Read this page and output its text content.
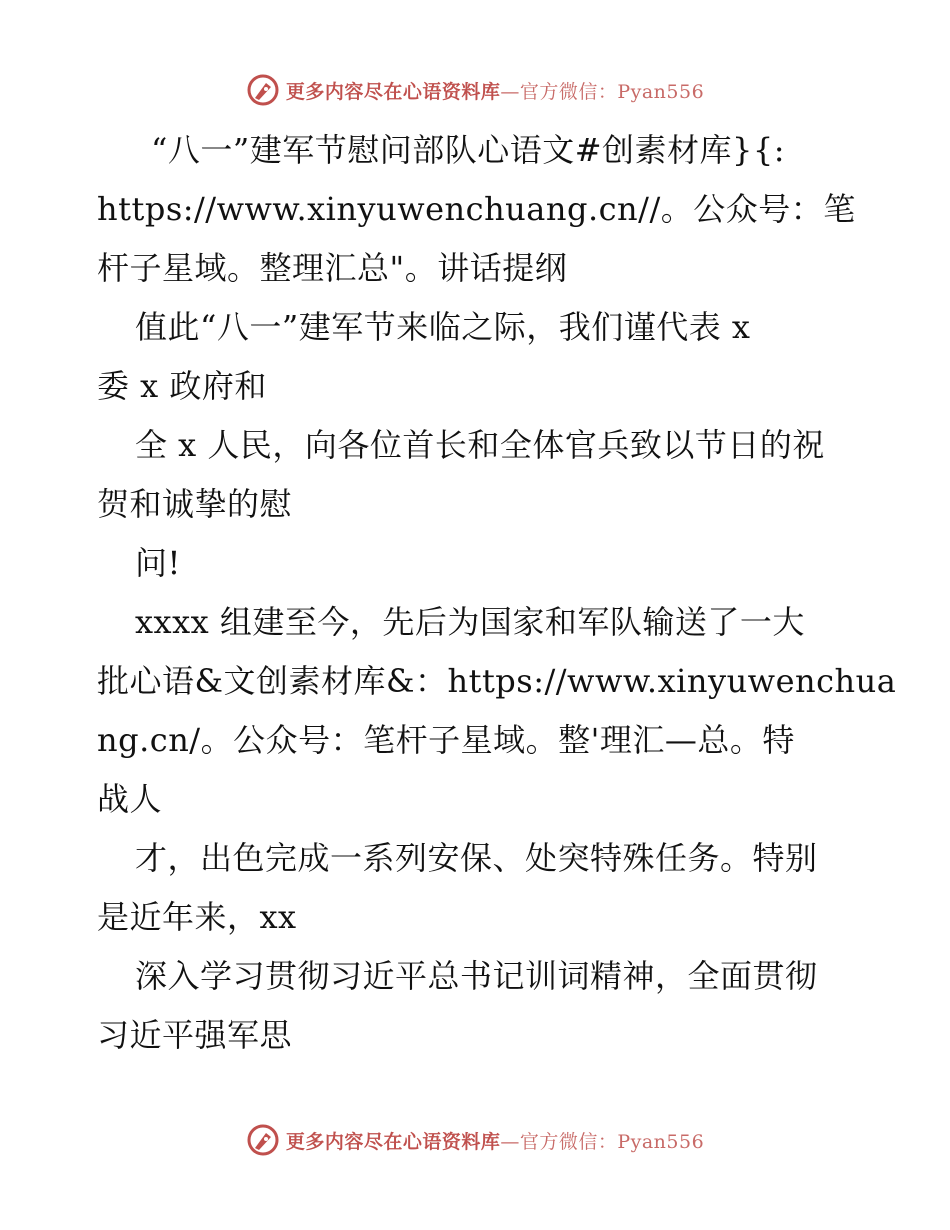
更多内容尽在心语资料库—官方微信：Pyan556
“八一”建军节慰问部队心语文#创素材库}{:
https://www.xinyuwenchuang.cn//。公众号：笔
杆子星域。整理汇总"。讲话提纲
值此“八一”建军节来临之际，我们谨代表 x
委 x 政府和
全 x 人民，向各位首长和全体官兵致以节日的祝
贺和诚挚的慰
问!
xxxx 组建至今，先后为国家和军队输送了一大
批心语&文创素材库&：https://www.xinyuwenchua
ng.cn/。公众号：笔杆子星域。整'理汇—总。特
战人
才，出色完成一系列安保、处突特殊任务。特别
是近年来，xx
深入学习贯彻习近平总书记训词精神，全面贯彻
习近平强军思
更多内容尽在心语资料库—官方微信：Pyan556
